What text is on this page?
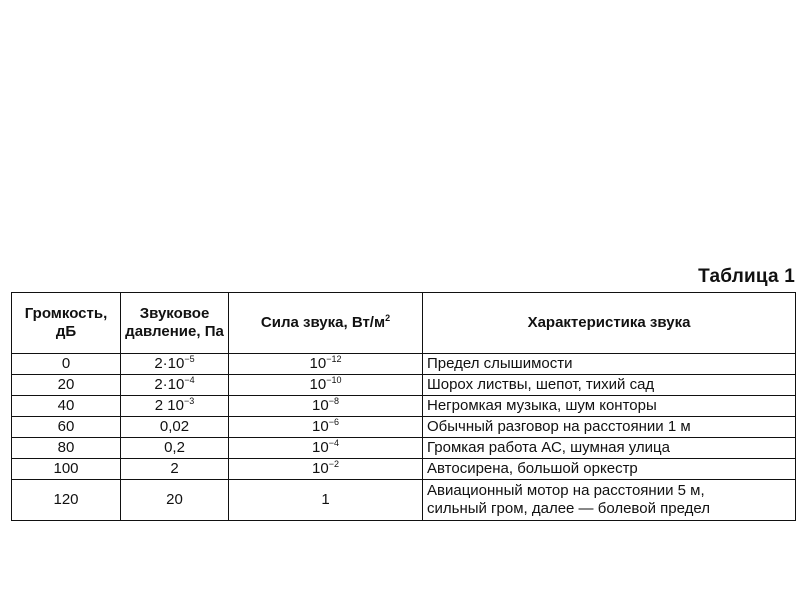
Таблица 1
Громкость, дБ	Звуковое давление, Па	Сила звука, $Вт/м^2$	Характеристика звука
0	$2\cdot 10^{-5}$	$10^{-12}$	Предел слышимости
20	$2\cdot 10^{-4}$	$10^{-10}$	Шорох листвы, шепот, тихий сад
40	2 $10^{-3}$	$10^{-8}$	Негромкая музыка, шум конторы
60	0,02	$10^{-6}$	Обычный разговор на расстоянии 1 м
80	0,2	$10^{-4}$	Громкая работа АС, шумная улица
100	2	$10^{-2}$	Автосирена, большой оркестр
120	20	1	Авиационный мотор на расстоянии 5 м,
сильный гром, далее — болевой предел
